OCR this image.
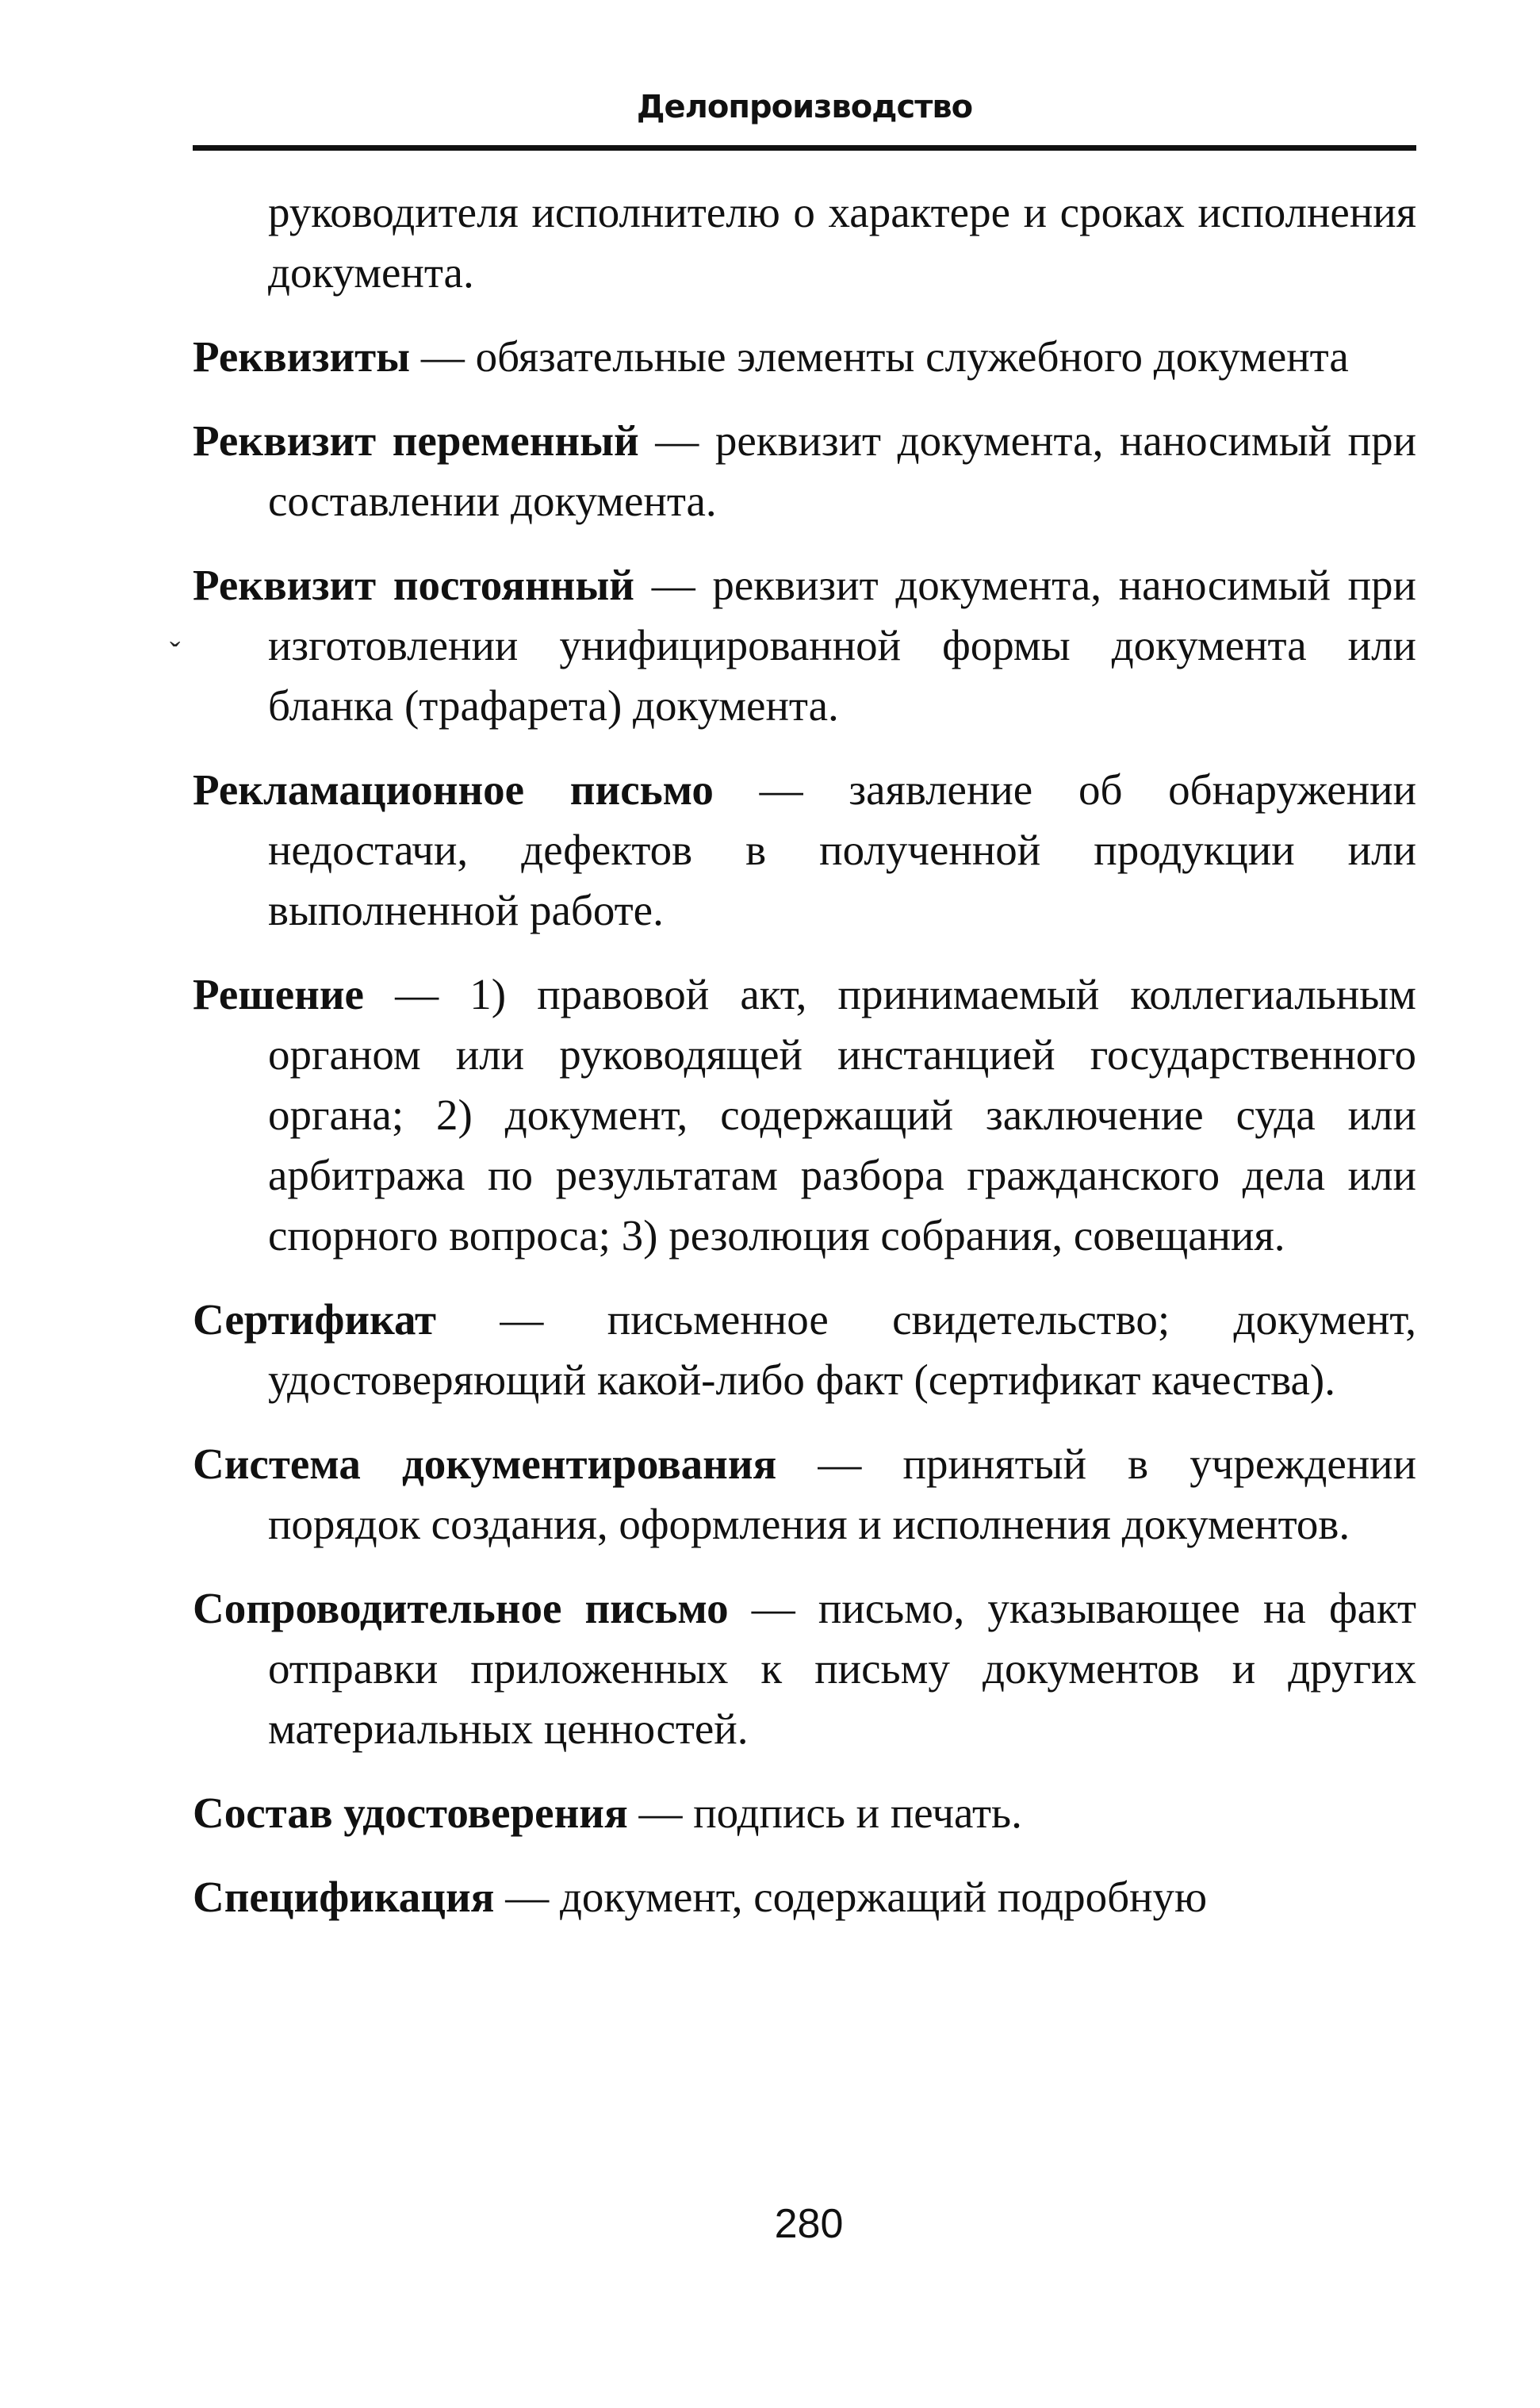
Делопроизводство
ˇ

руководителя исполнителю о характере и сроках исполнения документа.

Реквизиты — обязательные элементы служебного документа

Реквизит переменный — реквизит документа, наносимый при составлении документа.

Реквизит постоянный — реквизит документа, наносимый при изготовлении унифицированной формы документа или бланка (трафарета) документа.

Рекламационное письмо — заявление об обнаружении недостачи, дефектов в полученной продукции или выполненной работе.

Решение — 1) правовой акт, принимаемый коллегиальным органом или руководящей инстанцией государственного органа; 2) документ, содержащий заключение суда или арбитража по результатам разбора гражданского дела или спорного вопроса; 3) резолюция собрания, совещания.

Сертификат — письменное свидетельство; документ, удостоверяющий какой-либо факт (сертификат качества).

Система документирования — принятый в учреждении порядок создания, оформления и исполнения документов.

Сопроводительное письмо — письмо, указывающее на факт отправки приложенных к письму документов и других материальных ценностей.

Состав удостоверения — подпись и печать.

Спецификация — документ, содержащий подробную

280
